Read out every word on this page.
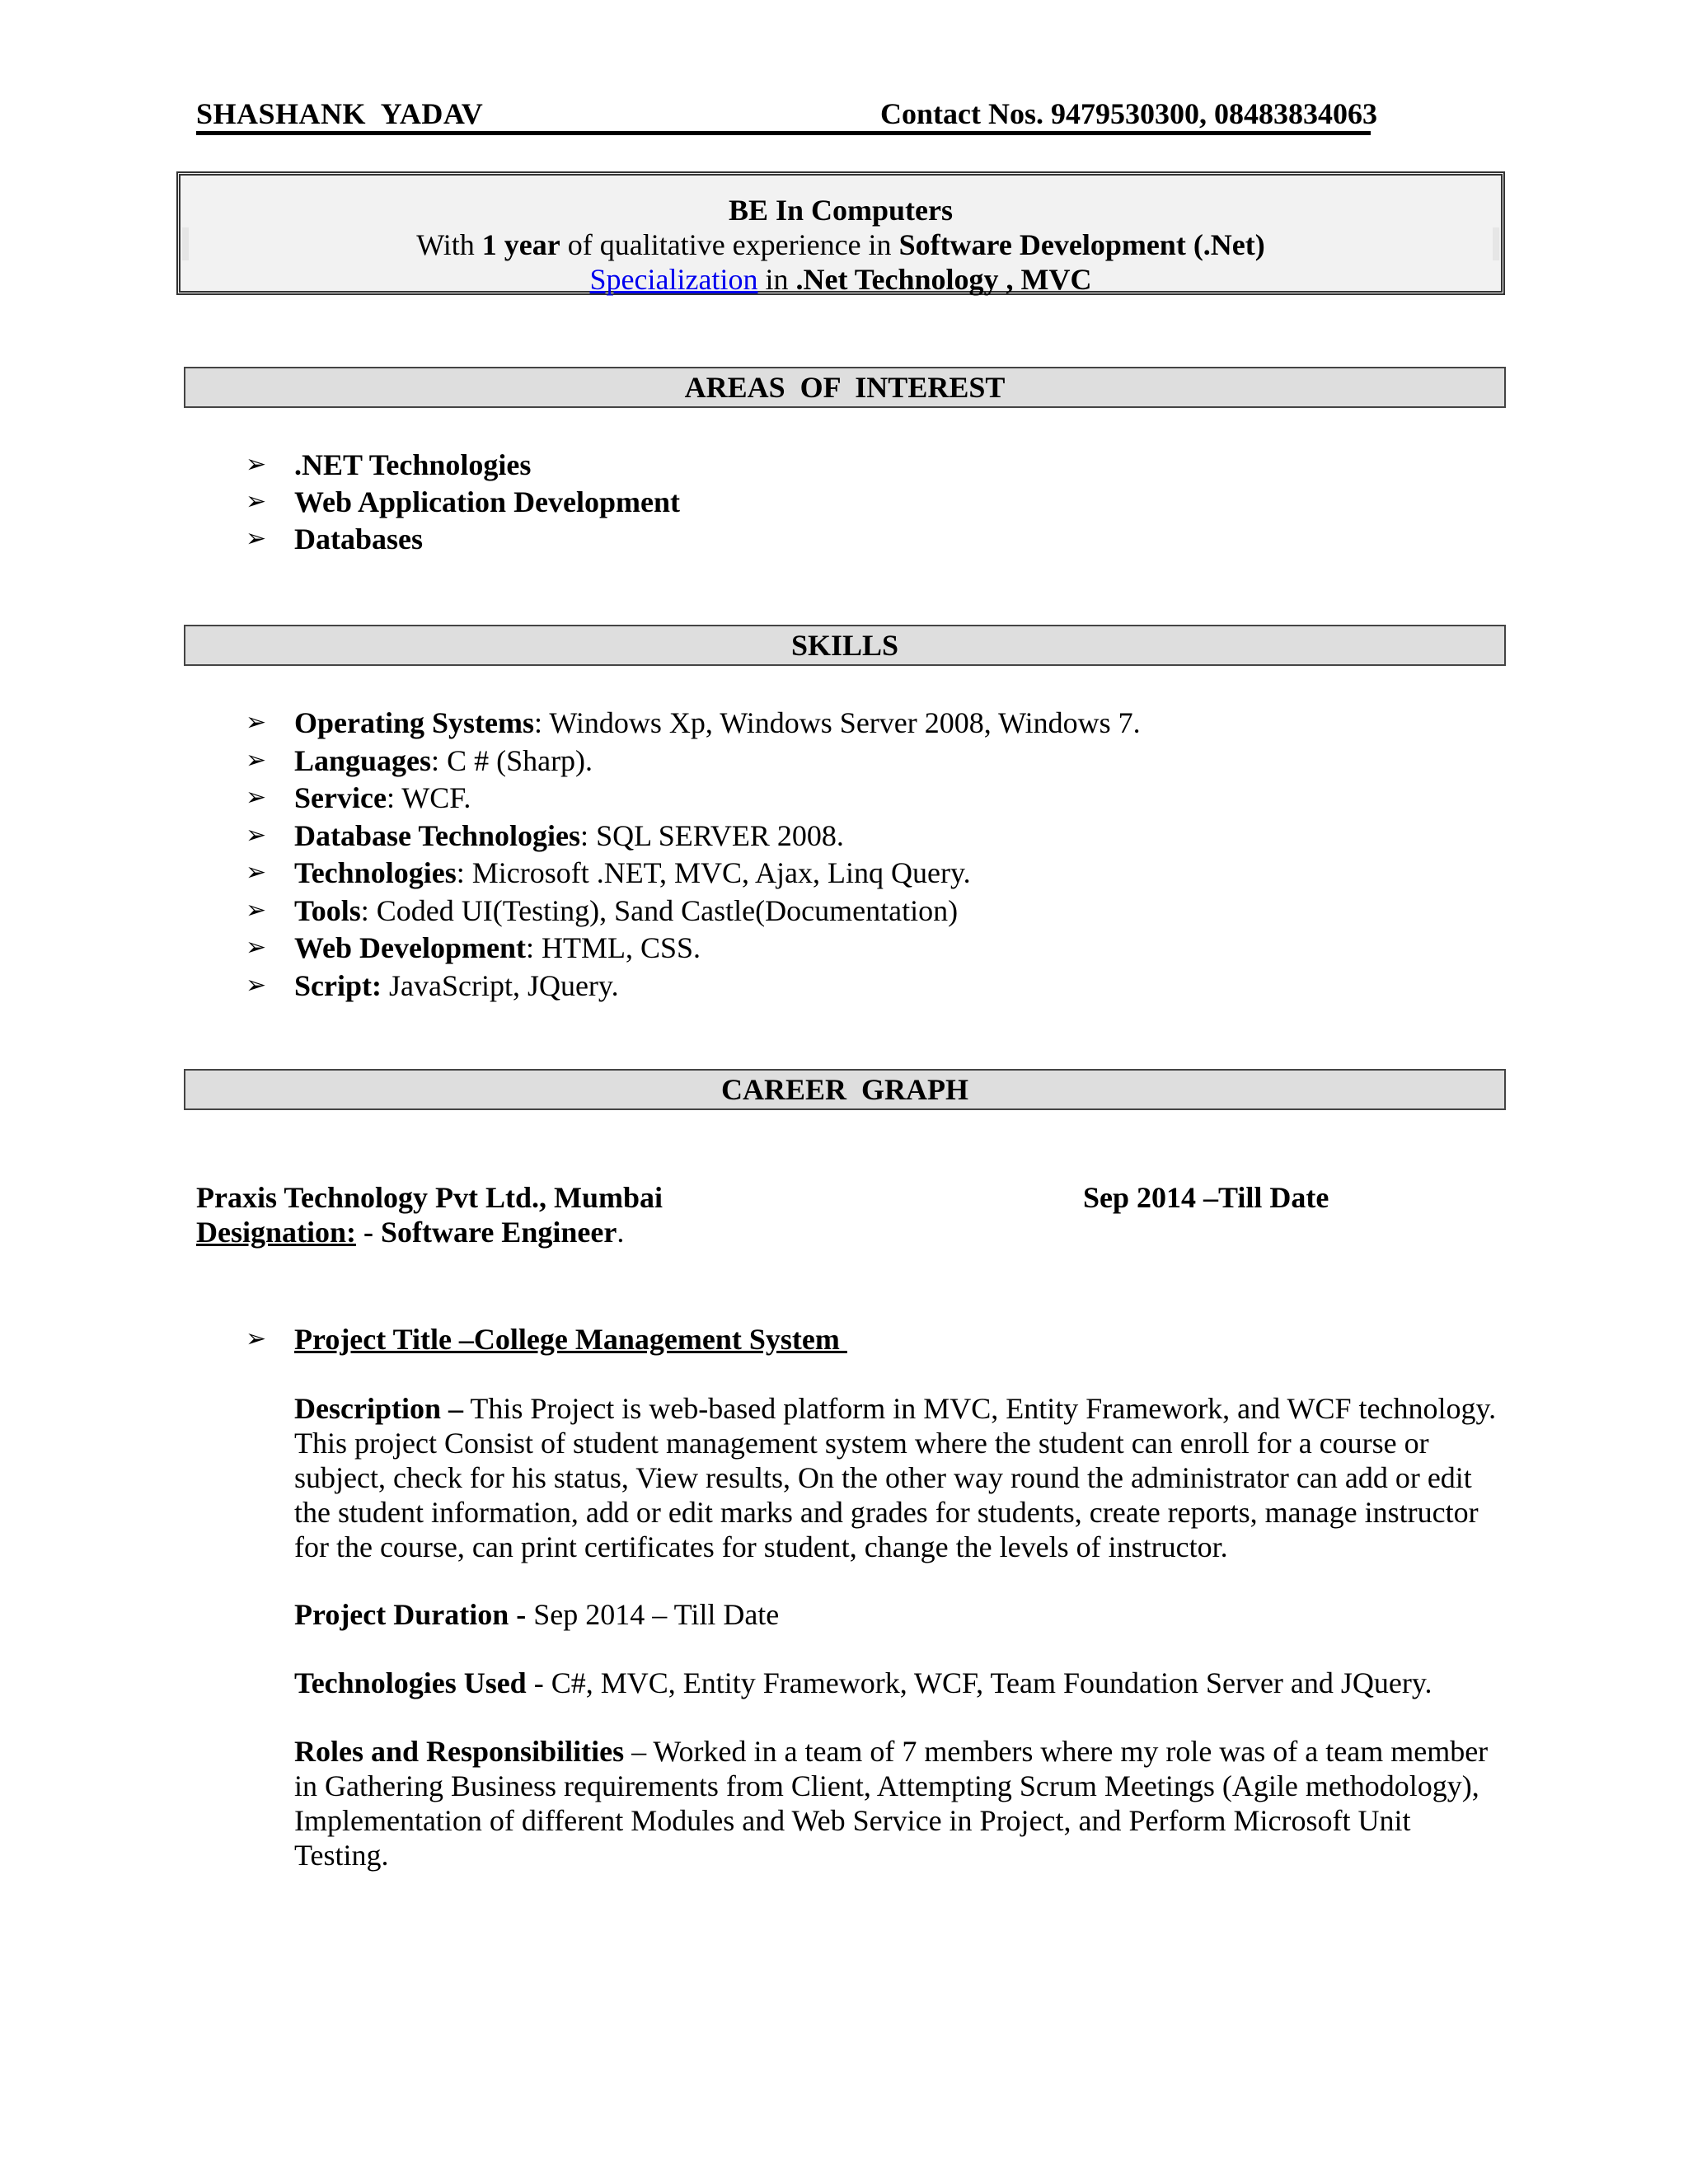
SHASHANK  YADAV	Contact Nos. 9479530300, 08483834063
BE In Computers
With 1 year of qualitative experience in Software Development (.Net)
Specialization in .Net Technology , MVC
AREAS  OF  INTEREST
➢ .NET Technologies
➢ Web Application Development
➢ Databases
SKILLS
➢ Operating Systems: Windows Xp, Windows Server 2008, Windows 7.
➢ Languages: C # (Sharp).
➢ Service: WCF.
➢ Database Technologies: SQL SERVER 2008.
➢ Technologies: Microsoft .NET, MVC, Ajax, Linq Query.
➢ Tools: Coded UI(Testing), Sand Castle(Documentation)
➢ Web Development: HTML, CSS.
➢ Script: JavaScript, JQuery.
CAREER  GRAPH
Praxis Technology Pvt Ltd., Mumbai	Sep 2014 –Till Date
Designation: - Software Engineer.
➢ Project Title –College Management System
Description – This Project is web-based platform in MVC, Entity Framework, and WCF technology. This project Consist of student management system where the student can enroll for a course or subject, check for his status, View results, On the other way round the administrator can add or edit the student information, add or edit marks and grades for students, create reports, manage instructor for the course, can print certificates for student, change the levels of instructor.
Project Duration - Sep 2014 – Till Date
Technologies Used - C#, MVC, Entity Framework, WCF, Team Foundation Server and JQuery.
Roles and Responsibilities – Worked in a team of 7 members where my role was of a team member in Gathering Business requirements from Client, Attempting Scrum Meetings (Agile methodology), Implementation of different Modules and Web Service in Project, and Perform Microsoft Unit Testing.
